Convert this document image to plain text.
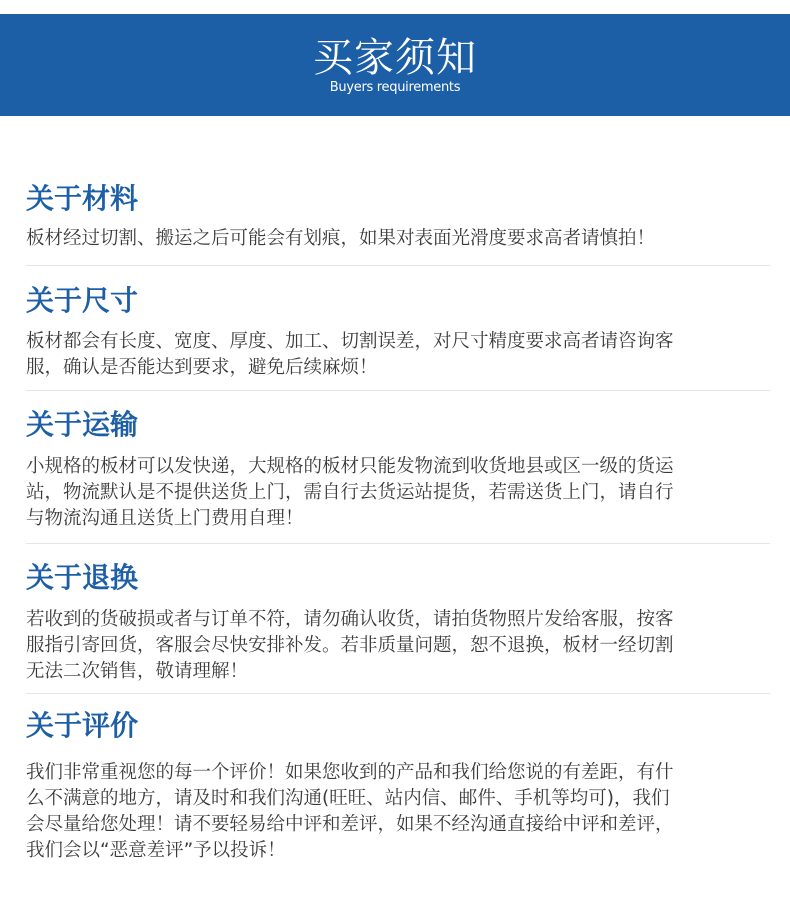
买家须知
Buyers requirements
关于材料
板材经过切割、搬运之后可能会有划痕，如果对表面光滑度要求高者请慎拍！
关于尺寸
板材都会有长度、宽度、厚度、加工、切割误差，对尺寸精度要求高者请咨询客
服，确认是否能达到要求，避免后续麻烦！
关于运输
小规格的板材可以发快递，大规格的板材只能发物流到收货地县或区一级的货运
站，物流默认是不提供送货上门，需自行去货运站提货，若需送货上门，请自行
与物流沟通且送货上门费用自理！
关于退换
若收到的货破损或者与订单不符，请勿确认收货，请拍货物照片发给客服，按客
服指引寄回货，客服会尽快安排补发。若非质量问题，恕不退换，板材一经切割
无法二次销售，敬请理解！
关于评价
我们非常重视您的每一个评价！如果您收到的产品和我们给您说的有差距，有什
么不满意的地方，请及时和我们沟通(旺旺、站内信、邮件、手机等均可)，我们
会尽量给您处理！请不要轻易给中评和差评，如果不经沟通直接给中评和差评，
我们会以“恶意差评”予以投诉！
